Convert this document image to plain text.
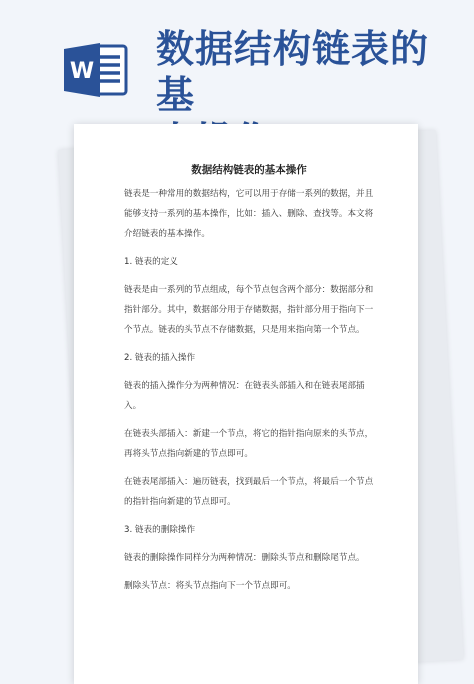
W
数据结构链表的基
数据结构链表的基本操作

链表是一种常用的数据结构，它可以用于存储一系列的数据，并且能够支持一系列的基本操作，比如：插入、删除、查找等。本文将介绍链表的基本操作。

1. 链表的定义

链表是由一系列的节点组成，每个节点包含两个部分：数据部分和指针部分。其中，数据部分用于存储数据，指针部分用于指向下一个节点。链表的头节点不存储数据，只是用来指向第一个节点。

2. 链表的插入操作

链表的插入操作分为两种情况：在链表头部插入和在链表尾部插入。

在链表头部插入：新建一个节点，将它的指针指向原来的头节点，再将头节点指向新建的节点即可。

在链表尾部插入：遍历链表，找到最后一个节点，将最后一个节点的指针指向新建的节点即可。

3. 链表的删除操作

链表的删除操作同样分为两种情况：删除头节点和删除尾节点。

删除头节点：将头节点指向下一个节点即可。
